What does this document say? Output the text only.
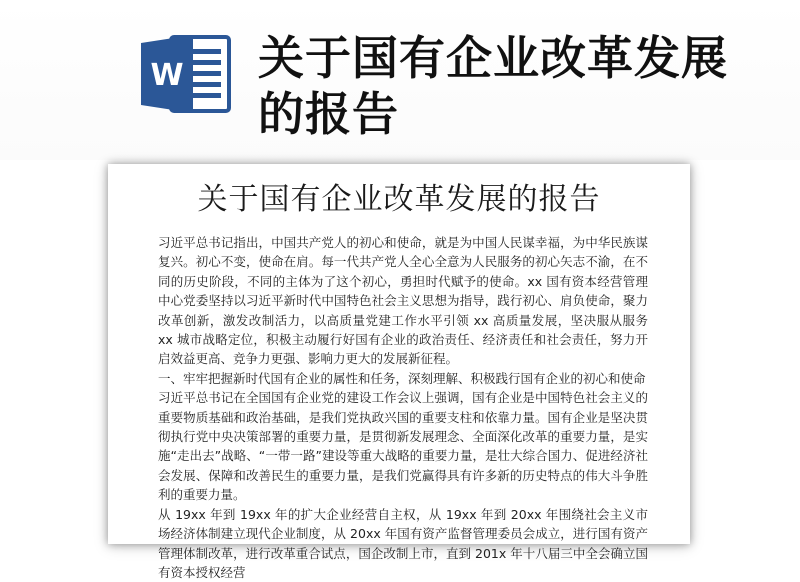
W 关于国有企业改革发展的报告
关于国有企业改革发展的报告

习近平总书记指出，中国共产党人的初心和使命，就是为中国人民谋幸福，为中华民族谋复兴。初心不变，使命在肩。每一代共产党人全心全意为人民服务的初心矢志不渝，在不同的历史阶段，不同的主体为了这个初心，勇担时代赋予的使命。xx 国有资本经营管理中心党委坚持以习近平新时代中国特色社会主义思想为指导，践行初心、肩负使命，聚力改革创新，激发改制活力，以高质量党建工作水平引领 xx 高质量发展，坚决服从服务 xx 城市战略定位，积极主动履行好国有企业的政治责任、经济责任和社会责任，努力开启效益更高、竞争力更强、影响力更大的发展新征程。

一、牢牢把握新时代国有企业的属性和任务，深刻理解、积极践行国有企业的初心和使命

习近平总书记在全国国有企业党的建设工作会议上强调，国有企业是中国特色社会主义的重要物质基础和政治基础，是我们党执政兴国的重要支柱和依靠力量。国有企业是坚决贯彻执行党中央决策部署的重要力量，是贯彻新发展理念、全面深化改革的重要力量，是实施“走出去”战略、“一带一路”建设等重大战略的重要力量，是壮大综合国力、促进经济社会发展、保障和改善民生的重要力量，是我们党赢得具有许多新的历史特点的伟大斗争胜利的重要力量。

从 19xx 年到 19xx 年的扩大企业经营自主权，从 19xx 年到 20xx 年围绕社会主义市场经济体制建立现代企业制度，从 20xx 年国有资产监督管理委员会成立，进行国有资产管理体制改革，进行改革重合试点，国企改制上市，直到 201x 年十八届三中全会确立国有资本授权经营
